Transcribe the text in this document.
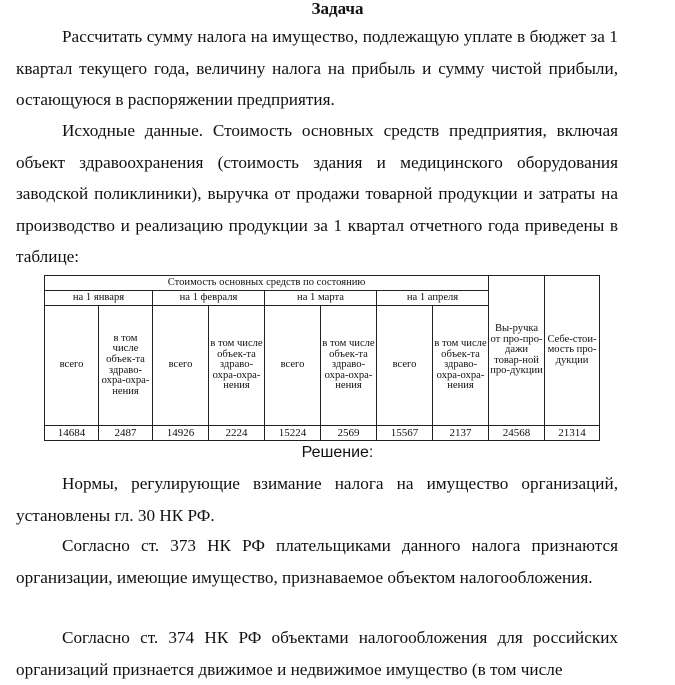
Задача

Рассчитать сумму налога на имущество, подлежащую уплате в бюджет за 1 квартал текущего года, величину налога на прибыль и сумму чистой прибыли, остающуюся в распоряжении предприятия.

Исходные данные. Стоимость основных средств предприятия, включая объект здравоохранения (стоимость здания и медицинского оборудования заводской поликлиники), выручка от продажи товарной продукции и затраты на производство и реализацию продукции за 1 квартал отчетного года приведены в таблице:

Стоимость основных средств по состоянию								Вы-ручка от про-про-дажи товар-ной про-дукции	Себе-стои-мость про-дукции
на 1 января		на 1 февраля		на 1 марта		на 1 апреля			
всего	в том числе объек-та здраво-охра-охра-нения	всего	в том числе объек-та здраво-охра-охра-нения	всего	в том числе объек-та здраво-охра-охра-нения	всего	в том числе объек-та здраво-охра-охра-нения		
14684	2487	14926	2224	15224	2569	15567	2137	24568	21314
Решение:

Нормы, регулирующие взимание налога на имущество организаций, установлены гл. 30 НК РФ.

Согласно ст. 373 НК РФ плательщиками данного налога признаются организации, имеющие имущество, признаваемое объектом налогообложения.

Согласно ст. 374 НК РФ объектами налогообложения для российских организаций признается движимое и недвижимое имущество (в том числе
